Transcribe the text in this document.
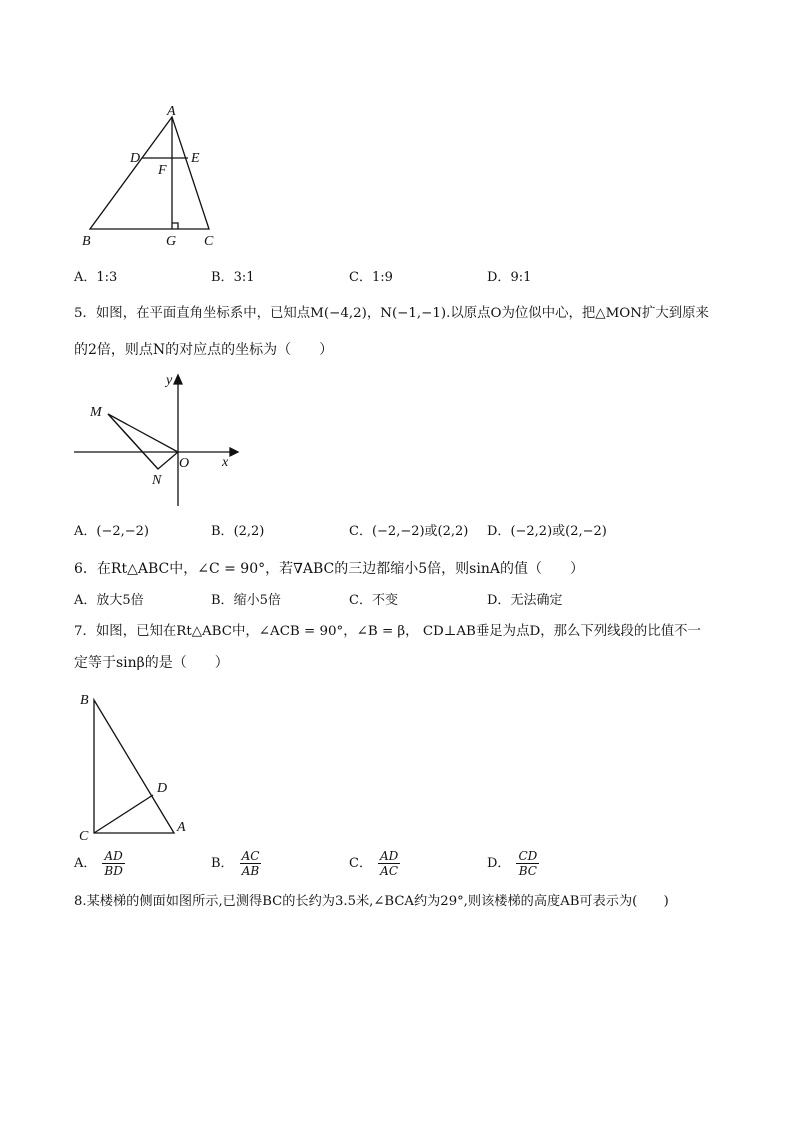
A
D	E
F
B	G C
A．1:3	B．3:1	C．1:9	D．9:1
5．如图，在平面直角坐标系中，已知点M(−4,2)，N(−1,−1).以原点O为位似中心，把△MON扩大到原来
的2倍，则点N的对应点的坐标为（　　）
y
M
x
O
N
A．(−2,−2)	B．(2,2)	C．(−2,−2)或(2,2) D．(−2,2)或(2,−2)
6．在Rt△ABC中，∠C = 90°，若∇ABC的三边都缩小5倍，则sinA的值（　　）
A．放大5倍	B．缩小5倍	C．不变	D．无法确定
7．如图，已知在Rt△ABC中，∠ACB = 90°，∠B = β， CD⊥AB垂足为点D，那么下列线段的比值不一
定等于sinβ的是（　　）
B
D
C
A
A． $\frac{AD}{BD}$	B． $\frac{AC}{AB}$	C． $\frac{AD}{AC}$	D． $\frac{CD}{BC}$
8.某楼梯的侧面如图所示,已测得BC的长约为3.5米,∠BCA约为29°,则该楼梯的高度AB可表示为(　　)
